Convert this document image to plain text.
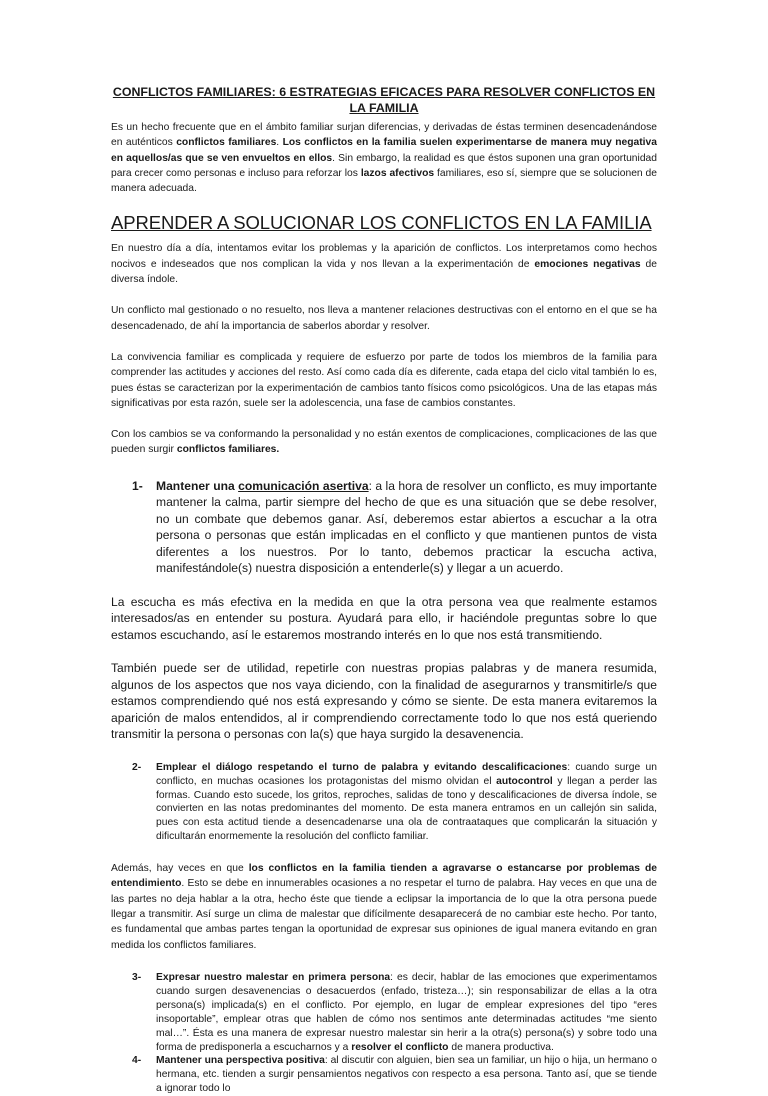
CONFLICTOS FAMILIARES: 6 ESTRATEGIAS EFICACES PARA RESOLVER CONFLICTOS EN LA FAMILIA

Es un hecho frecuente que en el ámbito familiar surjan diferencias, y derivadas de éstas terminen desencadenándose en auténticos conflictos familiares. Los conflictos en la familia suelen experimentarse de manera muy negativa en aquellos/as que se ven envueltos en ellos. Sin embargo, la realidad es que éstos suponen una gran oportunidad para crecer como personas e incluso para reforzar los lazos afectivos familiares, eso sí, siempre que se solucionen de manera adecuada.

APRENDER A SOLUCIONAR LOS CONFLICTOS EN LA FAMILIA

En nuestro día a día, intentamos evitar los problemas y la aparición de conflictos. Los interpretamos como hechos nocivos e indeseados que nos complican la vida y nos llevan a la experimentación de emociones negativas de diversa índole.

Un conflicto mal gestionado o no resuelto, nos lleva a mantener relaciones destructivas con el entorno en el que se ha desencadenado, de ahí la importancia de saberlos abordar y resolver.

La convivencia familiar es complicada y requiere de esfuerzo por parte de todos los miembros de la familia para comprender las actitudes y acciones del resto. Así como cada día es diferente, cada etapa del ciclo vital también lo es, pues éstas se caracterizan por la experimentación de cambios tanto físicos como psicológicos. Una de las etapas más significativas por esta razón, suele ser la adolescencia, una fase de cambios constantes.

Con los cambios se va conformando la personalidad y no están exentos de complicaciones, complicaciones de las que pueden surgir conflictos familiares.

1-	Mantener una comunicación asertiva: a la hora de resolver un conflicto, es muy importante mantener la calma, partir siempre del hecho de que es una situación que se debe resolver, no un combate que debemos ganar. Así, deberemos estar abiertos a escuchar a la otra persona o personas que están implicadas en el conflicto y que mantienen puntos de vista diferentes a los nuestros. Por lo tanto, debemos practicar la escucha activa, manifestándole(s) nuestra disposición a entenderle(s) y llegar a un acuerdo.

La escucha es más efectiva en la medida en que la otra persona vea que realmente estamos interesados/as en entender su postura. Ayudará para ello, ir haciéndole preguntas sobre lo que estamos escuchando, así le estaremos mostrando interés en lo que nos está transmitiendo.

También puede ser de utilidad, repetirle con nuestras propias palabras y de manera resumida, algunos de los aspectos que nos vaya diciendo, con la finalidad de asegurarnos y transmitirle/s que estamos comprendiendo qué nos está expresando y cómo se siente. De esta manera evitaremos la aparición de malos entendidos, al ir comprendiendo correctamente todo lo que nos está queriendo transmitir la persona o personas con la(s) que haya surgido la desavenencia.

2-	Emplear el diálogo respetando el turno de palabra y evitando descalificaciones: cuando surge un conflicto, en muchas ocasiones los protagonistas del mismo olvidan el autocontrol y llegan a perder las formas. Cuando esto sucede, los gritos, reproches, salidas de tono y descalificaciones de diversa índole, se convierten en las notas predominantes del momento. De esta manera entramos en un callejón sin salida, pues con esta actitud tiende a desencadenarse una ola de contraataques que complicarán la situación y dificultarán enormemente la resolución del conflicto familiar.

Además, hay veces en que los conflictos en la familia tienden a agravarse o estancarse por problemas de entendimiento. Esto se debe en innumerables ocasiones a no respetar el turno de palabra. Hay veces en que una de las partes no deja hablar a la otra, hecho éste que tiende a eclipsar la importancia de lo que la otra persona puede llegar a transmitir. Así surge un clima de malestar que difícilmente desaparecerá de no cambiar este hecho. Por tanto, es fundamental que ambas partes tengan la oportunidad de expresar sus opiniones de igual manera evitando en gran medida los conflictos familiares.

3-	Expresar nuestro malestar en primera persona: es decir, hablar de las emociones que experimentamos cuando surgen desavenencias o desacuerdos (enfado, tristeza…); sin responsabilizar de ellas a la otra persona(s) implicada(s) en el conflicto. Por ejemplo, en lugar de emplear expresiones del tipo “eres insoportable”, emplear otras que hablen de cómo nos sentimos ante determinadas actitudes “me siento mal…”. Ésta es una manera de expresar nuestro malestar sin herir a la otra(s) persona(s) y sobre todo una forma de predisponerla a escucharnos y a resolver el conflicto de manera productiva.
4-	Mantener una perspectiva positiva: al discutir con alguien, bien sea un familiar, un hijo o hija, un hermano o hermana, etc. tienden a surgir pensamientos negativos con respecto a esa persona. Tanto así, que se tiende a ignorar todo lo
